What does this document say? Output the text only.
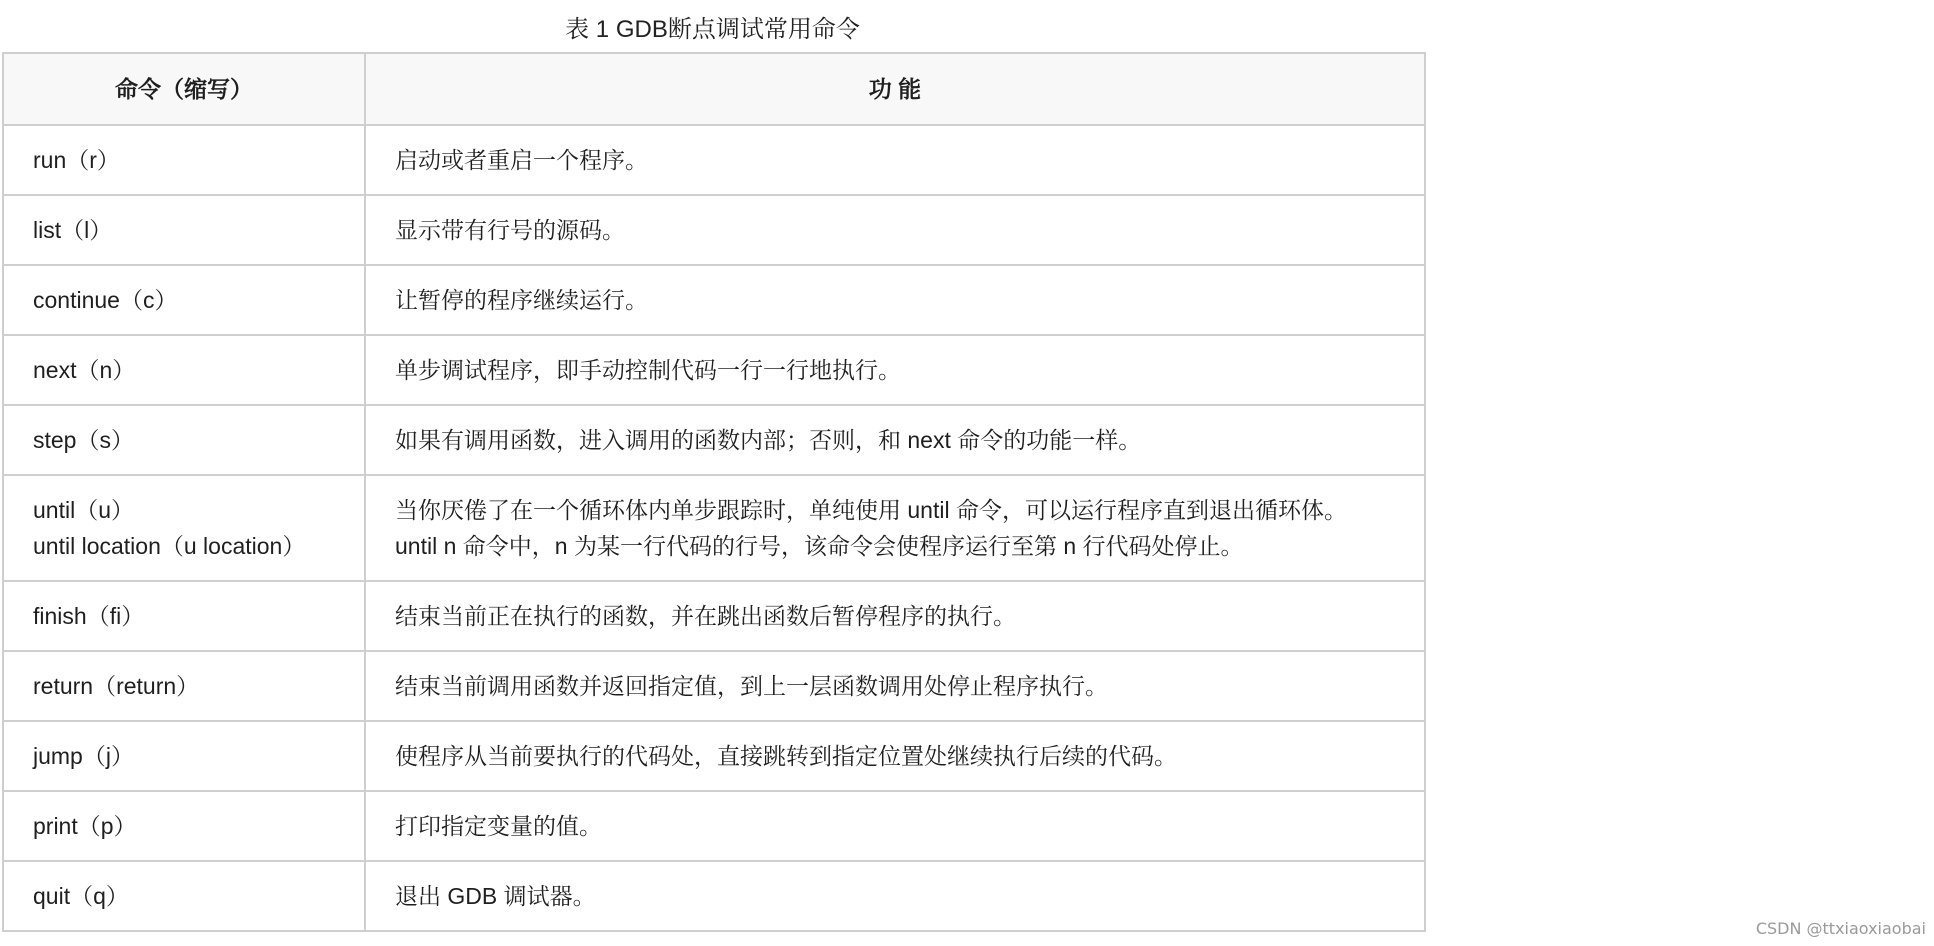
表 1 GDB断点调试常用命令
命令（缩写）	功 能

run（r）	启动或者重启一个程序。

list（l）	显示带有行号的源码。

continue（c）	让暂停的程序继续运行。

next（n）	单步调试程序，即手动控制代码一行一行地执行。

step（s）	如果有调用函数，进入调用的函数内部；否则，和 next 命令的功能一样。

until（u）
until location（u location）	当你厌倦了在一个循环体内单步跟踪时，单纯使用 until 命令，可以运行程序直到退出循环体。
until n 命令中，n 为某一行代码的行号，该命令会使程序运行至第 n 行代码处停止。

finish（fi）	结束当前正在执行的函数，并在跳出函数后暂停程序的执行。

return（return）	结束当前调用函数并返回指定值，到上一层函数调用处停止程序执行。

jump（j）	使程序从当前要执行的代码处，直接跳转到指定位置处继续执行后续的代码。

print（p）	打印指定变量的值。

quit（q）	退出 GDB 调试器。
CSDN @ttxiaoxiaobai
